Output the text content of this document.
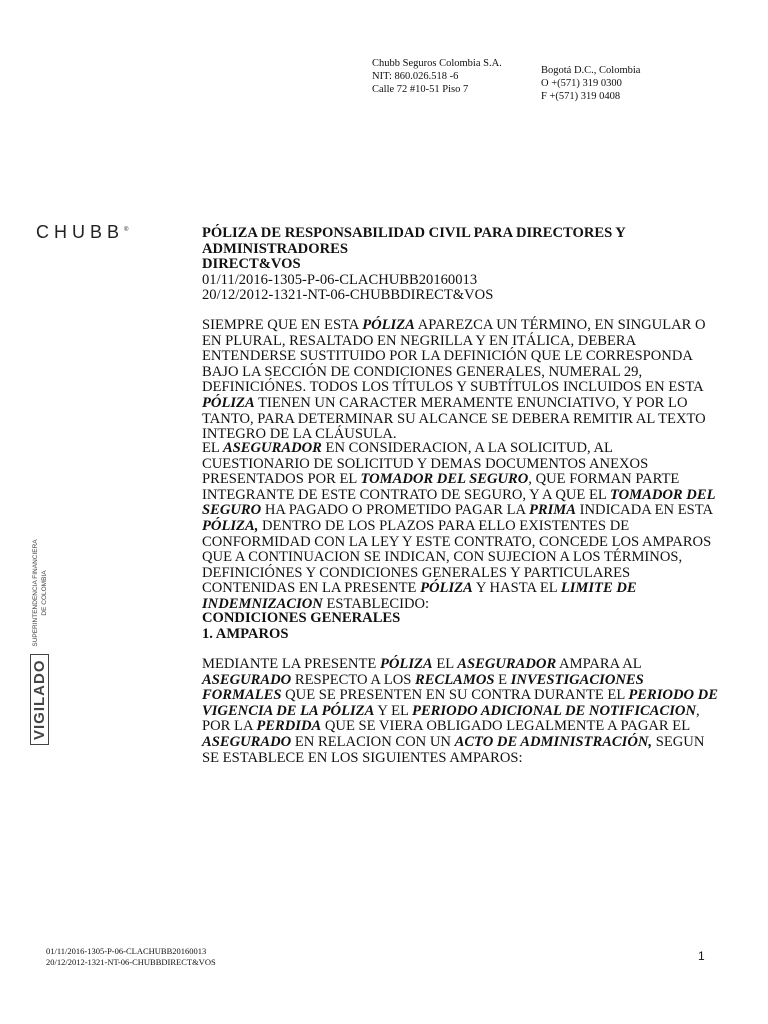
Chubb Seguros Colombia S.A.
NIT: 860.026.518 -6
Calle 72 #10-51 Piso 7
Bogotá D.C., Colombia
O +(571) 319 0300
F +(571) 319 0408
CHUBB®	PÓLIZA DE RESPONSABILIDAD CIVIL PARA DIRECTORES Y ADMINISTRADORES
DIRECT&VOS
01/11/2016-1305-P-06-CLACHUBB20160013
20/12/2012-1321-NT-06-CHUBBDIRECT&VOS

SIEMPRE QUE EN ESTA PÓLIZA APAREZCA UN TÉRMINO, EN SINGULAR O EN PLURAL, RESALTADO EN NEGRILLA Y EN ITÁLICA, DEBERA ENTENDERSE SUSTITUIDO POR LA DEFINICIÓN QUE LE CORRESPONDA BAJO LA SECCIÓN DE CONDICIONES GENERALES, NUMERAL 29, DEFINICIÓNES. TODOS LOS TÍTULOS Y SUBTÍTULOS INCLUIDOS EN ESTA PÓLIZA TIENEN UN CARACTER MERAMENTE ENUNCIATIVO, Y POR LO TANTO, PARA DETERMINAR SU ALCANCE SE DEBERA REMITIR AL TEXTO INTEGRO DE LA CLÁUSULA.

EL ASEGURADOR EN CONSIDERACION, A LA SOLICITUD, AL CUESTIONARIO DE SOLICITUD Y DEMAS DOCUMENTOS ANEXOS PRESENTADOS POR EL TOMADOR DEL SEGURO, QUE FORMAN PARTE INTEGRANTE DE ESTE CONTRATO DE SEGURO, Y A QUE EL TOMADOR DEL SEGURO HA PAGADO O PROMETIDO PAGAR LA PRIMA INDICADA EN ESTA PÓLIZA, DENTRO DE LOS PLAZOS PARA ELLO EXISTENTES DE CONFORMIDAD CON LA LEY Y ESTE CONTRATO, CONCEDE LOS AMPAROS QUE A CONTINUACION SE INDICAN, CON SUJECION A LOS TÉRMINOS, DEFINICIÓNES Y CONDICIONES GENERALES Y PARTICULARES CONTENIDAS EN LA PRESENTE PÓLIZA Y HASTA EL LIMITE DE INDEMNIZACION ESTABLECIDO:

CONDICIONES GENERALES
1. AMPAROS

MEDIANTE LA PRESENTE PÓLIZA EL ASEGURADOR AMPARA AL ASEGURADO RESPECTO A LOS RECLAMOS E INVESTIGACIONES FORMALES QUE SE PRESENTEN EN SU CONTRA DURANTE EL PERIODO DE VIGENCIA DE LA PÓLIZA Y EL PERIODO ADICIONAL DE NOTIFICACION, POR LA PERDIDA QUE SE VIERA OBLIGADO LEGALMENTE A PAGAR EL ASEGURADO EN RELACION CON UN ACTO DE ADMINISTRACIÓN, SEGUN SE ESTABLECE EN LOS SIGUIENTES AMPAROS:

VIGILADO
SUPERINTENDENCIA FINANCIERA DE COLOMBIA
01/11/2016-1305-P-06-CLACHUBB20160013
20/12/2012-1321-NT-06-CHUBBDIRECT&VOS	1
